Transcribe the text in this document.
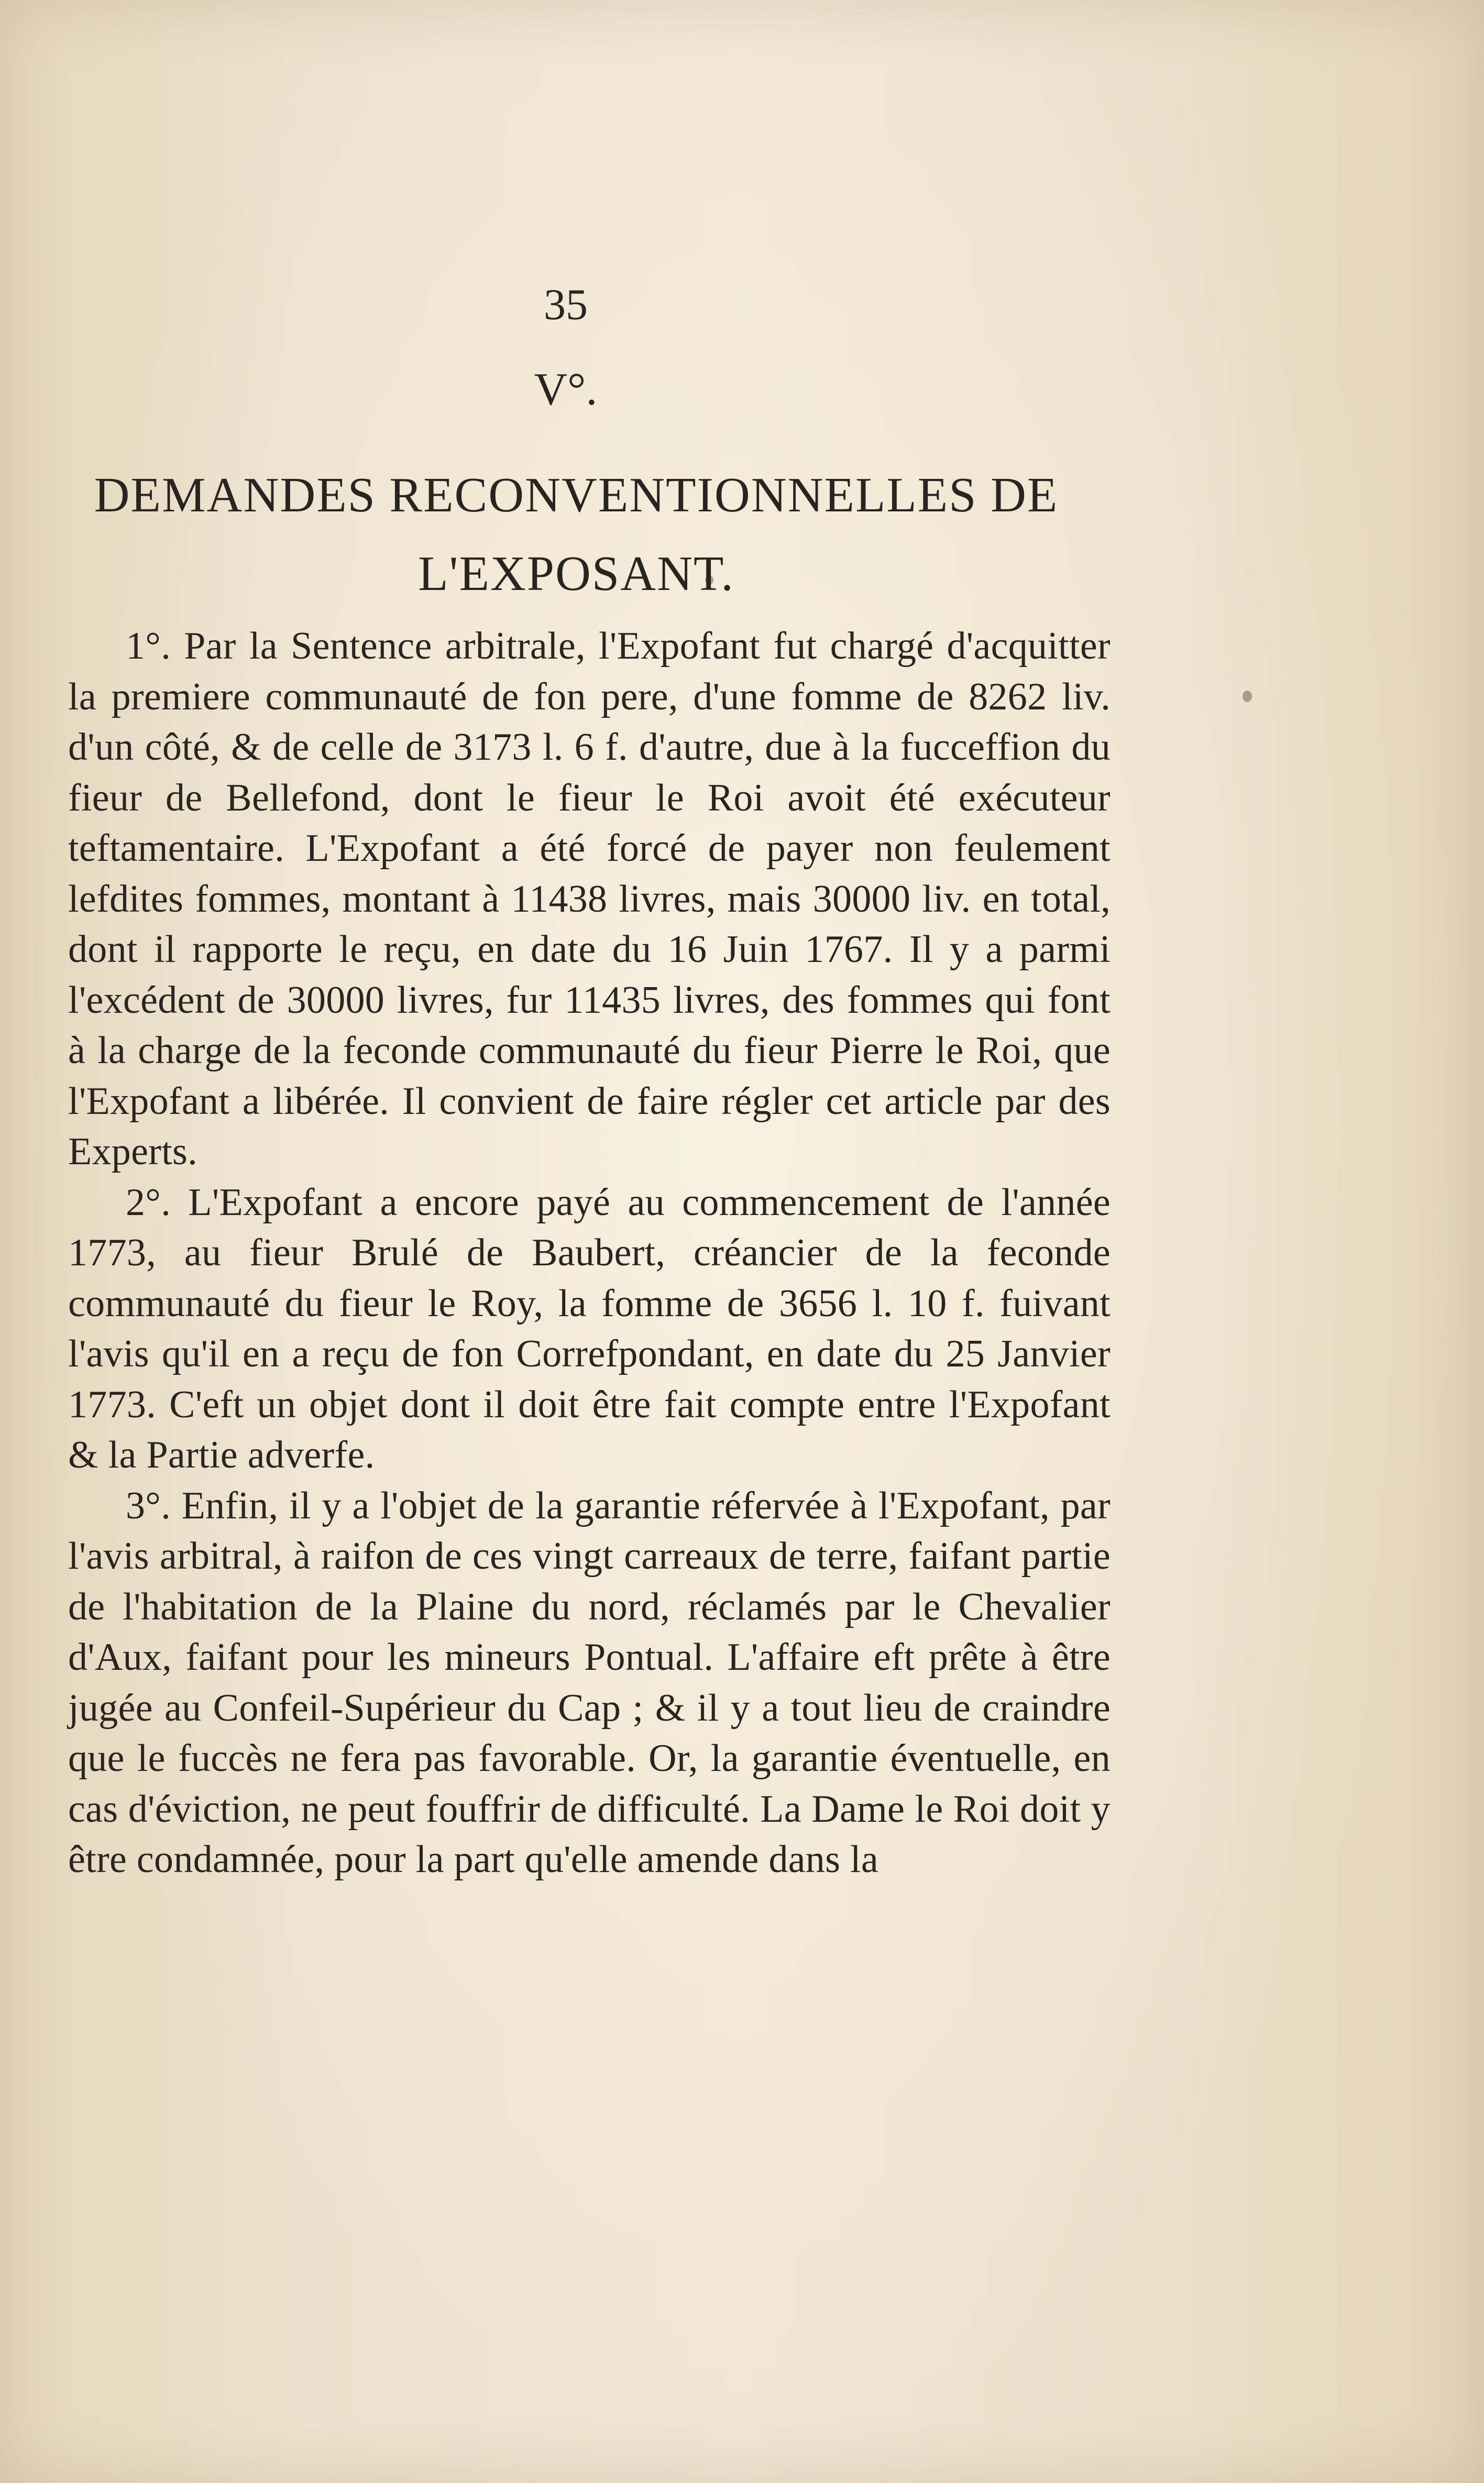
35
V°.
DEMANDES RECONVENTIONNELLES DE
L'EXPOSANT.

1°. Par la Sentence arbitrale, l'Expofant fut chargé d'acquitter la premiere communauté de fon pere, d'une fomme de 8262 liv. d'un côté, & de celle de 3173 l. 6 f. d'autre, due à la fucceffion du fieur de Bellefond, dont le fieur le Roi avoit été exécuteur teftamentaire. L'Expofant a été forcé de payer non feulement lefdites fommes, montant à 11438 livres, mais 30000 liv. en total, dont il rapporte le reçu, en date du 16 Juin 1767. Il y a parmi l'excédent de 30000 livres, fur 11435 livres, des fommes qui font à la charge de la feconde communauté du fieur Pierre le Roi, que l'Expofant a libérée. Il convient de faire régler cet article par des Experts.

2°. L'Expofant a encore payé au commencement de l'année 1773, au fieur Brulé de Baubert, créancier de la feconde communauté du fieur le Roy, la fomme de 3656 l. 10 f. fuivant l'avis qu'il en a reçu de fon Correfpondant, en date du 25 Janvier 1773. C'eft un objet dont il doit être fait compte entre l'Expofant & la Partie adverfe.

3°. Enfin, il y a l'objet de la garantie réfervée à l'Expofant, par l'avis arbitral, à raifon de ces vingt carreaux de terre, faifant partie de l'habitation de la Plaine du nord, réclamés par le Chevalier d'Aux, faifant pour les mineurs Pontual. L'affaire eft prête à être jugée au Confeil-Supérieur du Cap ; & il y a tout lieu de craindre que le fuccès ne fera pas favorable. Or, la garantie éventuelle, en cas d'éviction, ne peut fouffrir de difficulté. La Dame le Roi doit y être condamnée, pour la part qu'elle amende dans la
